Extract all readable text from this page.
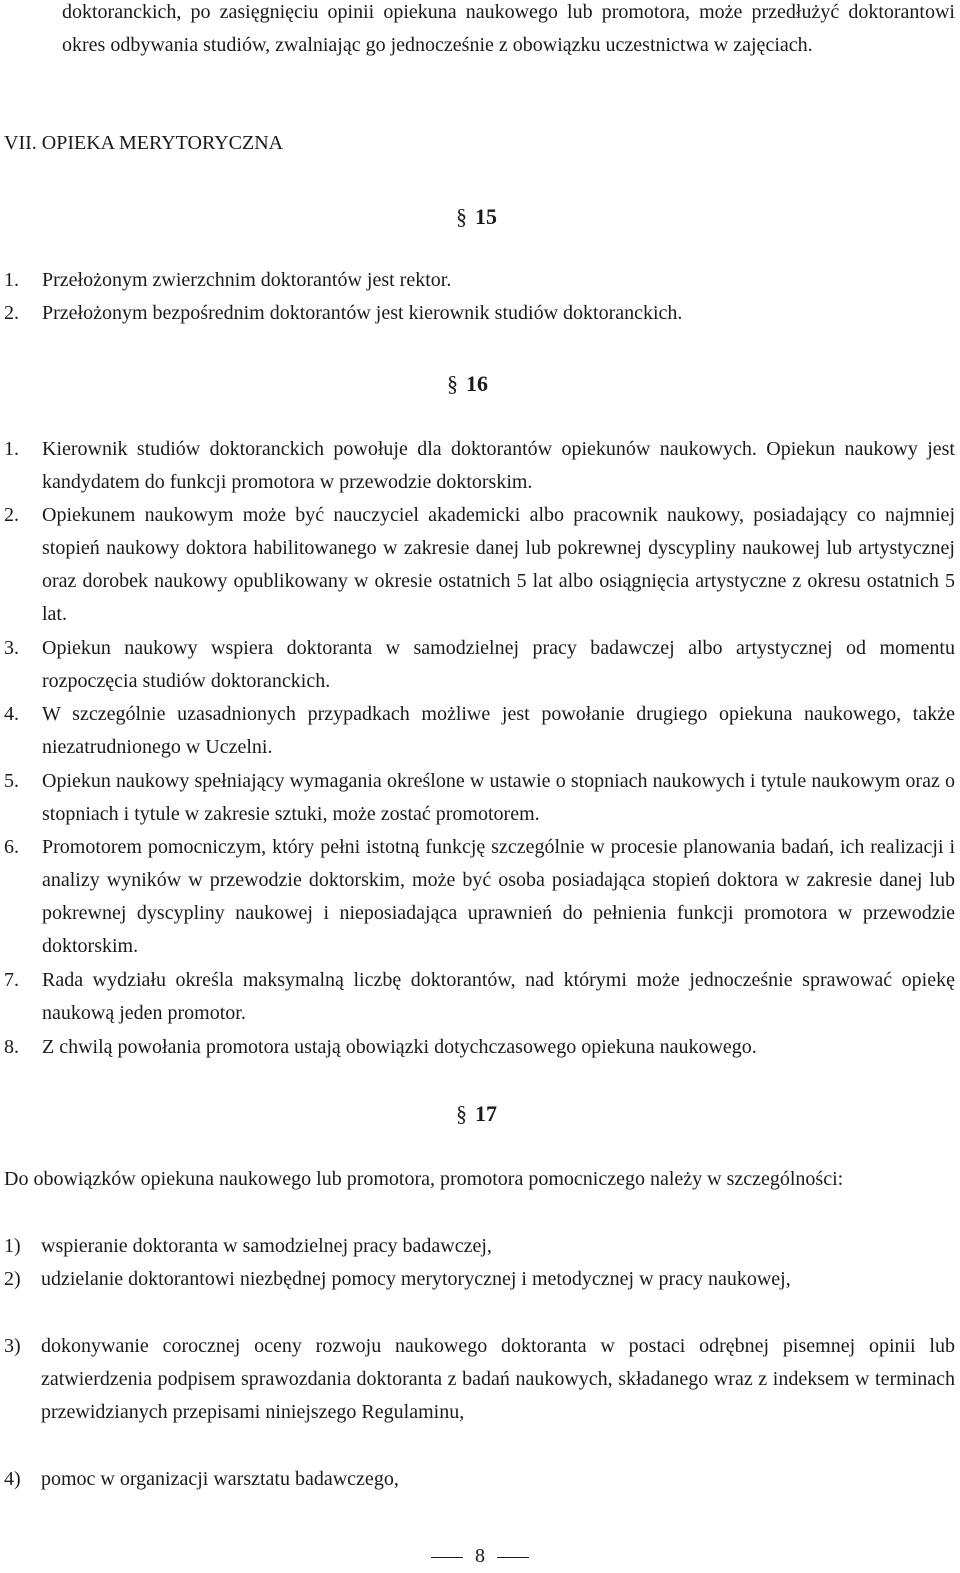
doktoranckich, po zasięgnięciu opinii opiekuna naukowego lub promotora, może przedłużyć doktorantowi okres odbywania studiów, zwalniając go jednocześnie z obowiązku uczestnictwa w zajęciach.
VII. OPIEKA MERYTORYCZNA
§ 15
1.	Przełożonym zwierzchnim doktorantów jest rektor.
2.	Przełożonym bezpośrednim doktorantów jest kierownik studiów doktoranckich.
§ 16
1.	Kierownik studiów doktoranckich powołuje dla doktorantów opiekunów naukowych. Opiekun naukowy jest kandydatem do funkcji promotora w przewodzie doktorskim.
2.	Opiekunem naukowym może być nauczyciel akademicki albo pracownik naukowy, posiadający co najmniej stopień naukowy doktora habilitowanego w zakresie danej lub pokrewnej dyscypliny naukowej lub artystycznej oraz dorobek naukowy opublikowany w okresie ostatnich 5 lat albo osiągnięcia artystyczne z okresu ostatnich 5 lat.
3.	Opiekun naukowy wspiera doktoranta w samodzielnej pracy badawczej albo artystycznej od momentu rozpoczęcia studiów doktoranckich.
4.	W szczególnie uzasadnionych przypadkach możliwe jest powołanie drugiego opiekuna naukowego, także niezatrudnionego w Uczelni.
5.	Opiekun naukowy spełniający wymagania określone w ustawie o stopniach naukowych i tytule naukowym oraz o stopniach i tytule w zakresie sztuki, może zostać promotorem.
6.	Promotorem pomocniczym, który pełni istotną funkcję szczególnie w procesie planowania badań, ich realizacji i analizy wyników w przewodzie doktorskim, może być osoba posiadająca stopień doktora w zakresie danej lub pokrewnej dyscypliny naukowej i nieposiadająca uprawnień do pełnienia funkcji promotora w przewodzie doktorskim.
7.	Rada wydziału określa maksymalną liczbę doktorantów, nad którymi może jednocześnie sprawować opiekę naukową jeden promotor.
8.	Z chwilą powołania promotora ustają obowiązki dotychczasowego opiekuna naukowego.
§ 17
Do obowiązków opiekuna naukowego lub promotora, promotora pomocniczego należy w szczególności:
1)	wspieranie doktoranta w samodzielnej pracy badawczej,
2)	udzielanie doktorantowi niezbędnej pomocy merytorycznej i metodycznej w pracy naukowej,
3)	dokonywanie corocznej oceny rozwoju naukowego doktoranta w postaci odrębnej pisemnej opinii lub zatwierdzenia podpisem sprawozdania doktoranta z badań naukowych, składanego wraz z indeksem w terminach przewidzianych przepisami niniejszego Regulaminu,
4)	pomoc w organizacji warsztatu badawczego,
8
